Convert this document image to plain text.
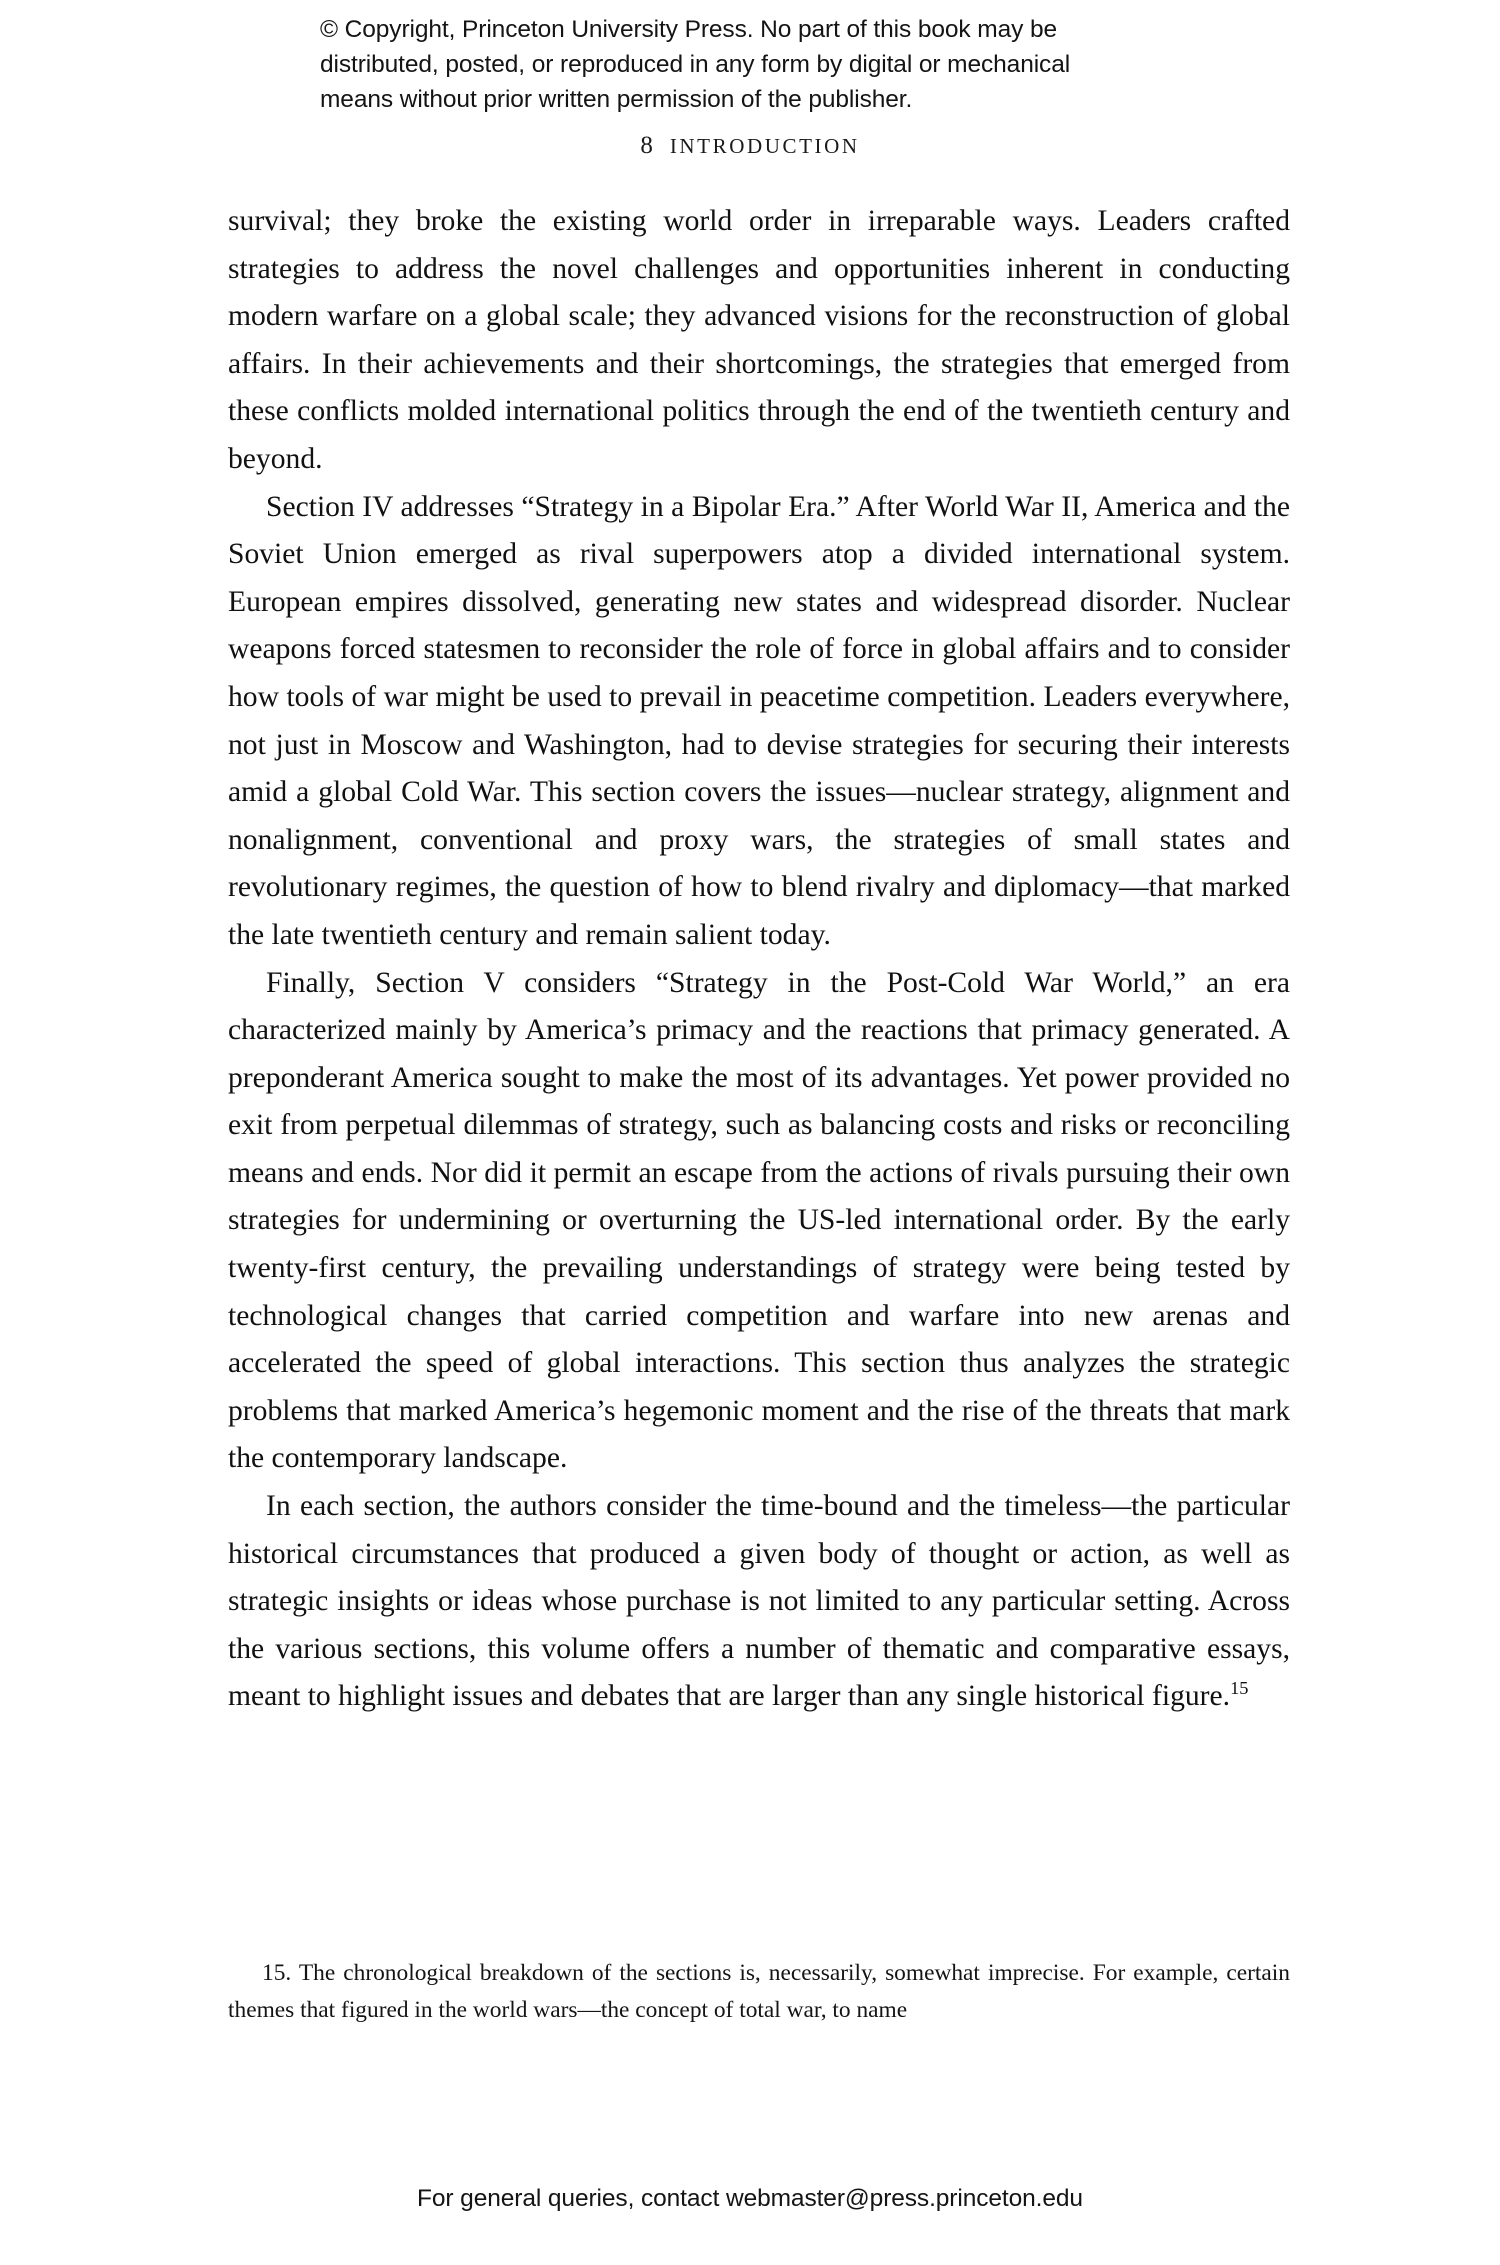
© Copyright, Princeton University Press. No part of this book may be
distributed, posted, or reproduced in any form by digital or mechanical
means without prior written permission of the publisher.
8 INTRODUCTION

survival; they broke the existing world order in irreparable ways. Leaders crafted strategies to address the novel challenges and opportunities inherent in conducting modern warfare on a global scale; they advanced visions for the reconstruction of global affairs. In their achievements and their shortcomings, the strategies that emerged from these conflicts molded international politics through the end of the twentieth century and beyond.

Section IV addresses “Strategy in a Bipolar Era.” After World War II, America and the Soviet Union emerged as rival superpowers atop a divided international system. European empires dissolved, generating new states and widespread disorder. Nuclear weapons forced statesmen to reconsider the role of force in global affairs and to consider how tools of war might be used to prevail in peacetime competition. Leaders everywhere, not just in Moscow and Washington, had to devise strategies for securing their interests amid a global Cold War. This section covers the issues—nuclear strategy, alignment and nonalignment, conventional and proxy wars, the strategies of small states and revolutionary regimes, the question of how to blend rivalry and diplomacy—that marked the late twentieth century and remain salient today.

Finally, Section V considers “Strategy in the Post-Cold War World,” an era characterized mainly by America’s primacy and the reactions that primacy generated. A preponderant America sought to make the most of its advantages. Yet power provided no exit from perpetual dilemmas of strategy, such as balancing costs and risks or reconciling means and ends. Nor did it permit an escape from the actions of rivals pursuing their own strategies for undermining or overturning the US-led international order. By the early twenty-first century, the prevailing understandings of strategy were being tested by technological changes that carried competition and warfare into new arenas and accelerated the speed of global interactions. This section thus analyzes the strategic problems that marked America’s hegemonic moment and the rise of the threats that mark the contemporary landscape.

In each section, the authors consider the time-bound and the timeless—the particular historical circumstances that produced a given body of thought or action, as well as strategic insights or ideas whose purchase is not limited to any particular setting. Across the various sections, this volume offers a number of thematic and comparative essays, meant to highlight issues and debates that are larger than any single historical figure.$^{15}$

15. The chronological breakdown of the sections is, necessarily, somewhat imprecise. For example, certain themes that figured in the world wars—the concept of total war, to name

For general queries, contact webmaster@press.princeton.edu
